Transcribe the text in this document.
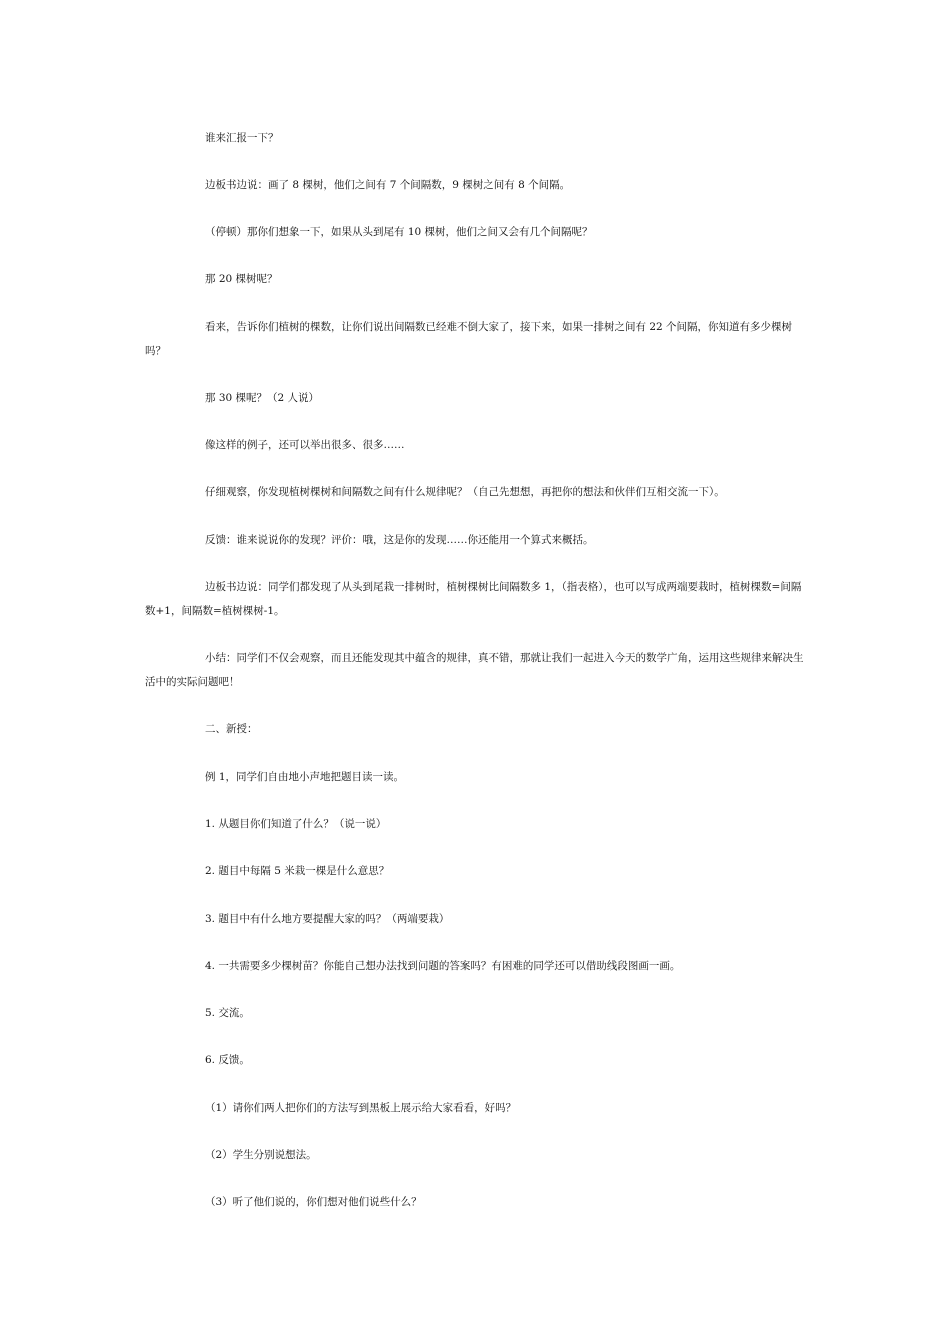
谁来汇报一下？

边板书边说：画了 8 棵树，他们之间有 7 个间隔数，9 棵树之间有 8 个间隔。

（停顿）那你们想象一下，如果从头到尾有 10 棵树，他们之间又会有几个间隔呢？

那 20 棵树呢？

看来，告诉你们植树的棵数，让你们说出间隔数已经难不倒大家了，接下来，如果一排树之间有 22 个间隔，你知道有多少棵树吗？

那 30 棵呢？（2 人说）

像这样的例子，还可以举出很多、很多……

仔细观察，你发现植树棵树和间隔数之间有什么规律呢？（自己先想想，再把你的想法和伙伴们互相交流一下）。

反馈：谁来说说你的发现？评价：哦，这是你的发现……你还能用一个算式来概括。

边板书边说：同学们都发现了从头到尾栽一排树时，植树棵树比间隔数多 1，（指表格），也可以写成两端要栽时，植树棵数=间隔数+1，间隔数=植树棵树-1。

小结：同学们不仅会观察，而且还能发现其中蕴含的规律，真不错，那就让我们一起进入今天的数学广角，运用这些规律来解决生活中的实际问题吧！

二、新授：

例 1，同学们自由地小声地把题目读一读。

1. 从题目你们知道了什么？（说一说）

2. 题目中每隔 5 米栽一棵是什么意思？

3. 题目中有什么地方要提醒大家的吗？（两端要栽）

4. 一共需要多少棵树苗？你能自己想办法找到问题的答案吗？有困难的同学还可以借助线段图画一画。

5. 交流。

6. 反馈。

（1）请你们两人把你们的方法写到黑板上展示给大家看看，好吗？

（2）学生分别说想法。

（3）听了他们说的，你们想对他们说些什么？
